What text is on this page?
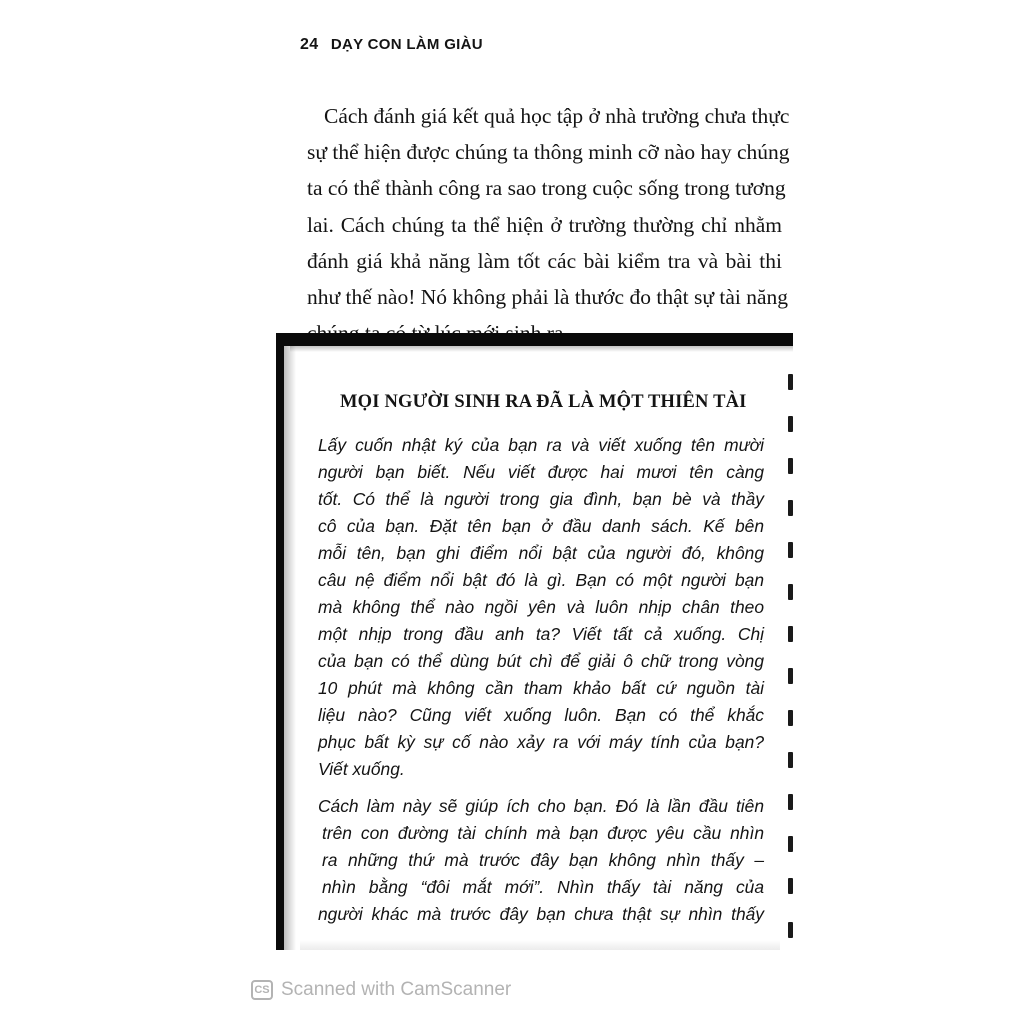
24 DẠY CON LÀM GIÀU
Cách đánh giá kết quả học tập ở nhà trường chưa thực
sự thể hiện được chúng ta thông minh cỡ nào hay chúng
ta có thể thành công ra sao trong cuộc sống trong tương
lai. Cách chúng ta thể hiện ở trường thường chỉ nhằm
đánh giá khả năng làm tốt các bài kiểm tra và bài thi
như thế nào! Nó không phải là thước đo thật sự tài năng
MỌI NGƯỜI SINH RA ĐÃ LÀ MỘT THIÊN TÀI
Lấy cuốn nhật ký của bạn ra và viết xuống tên mười
người bạn biết. Nếu viết được hai mươi tên càng
tốt. Có thể là người trong gia đình, bạn bè và thầy
cô của bạn. Đặt tên bạn ở đầu danh sách. Kế bên
mỗi tên, bạn ghi điểm nổi bật của người đó, không
câu nệ điểm nổi bật đó là gì. Bạn có một người bạn
mà không thể nào ngồi yên và luôn nhịp chân theo
một nhịp trong đầu anh ta? Viết tất cả xuống. Chị
của bạn có thể dùng bút chì để giải ô chữ trong vòng
10 phút mà không cần tham khảo bất cứ nguồn tài
liệu nào? Cũng viết xuống luôn. Bạn có thể khắc
phục bất kỳ sự cố nào xảy ra với máy tính của bạn?
Viết xuống.
Cách làm này sẽ giúp ích cho bạn. Đó là lần đầu tiên
trên con đường tài chính mà bạn được yêu cầu nhìn
ra những thứ mà trước đây bạn không nhìn thấy –
nhìn bằng “đôi mắt mới”. Nhìn thấy tài năng của
người khác mà trước đây bạn chưa thật sự nhìn thấy
CS Scanned with CamScanner
